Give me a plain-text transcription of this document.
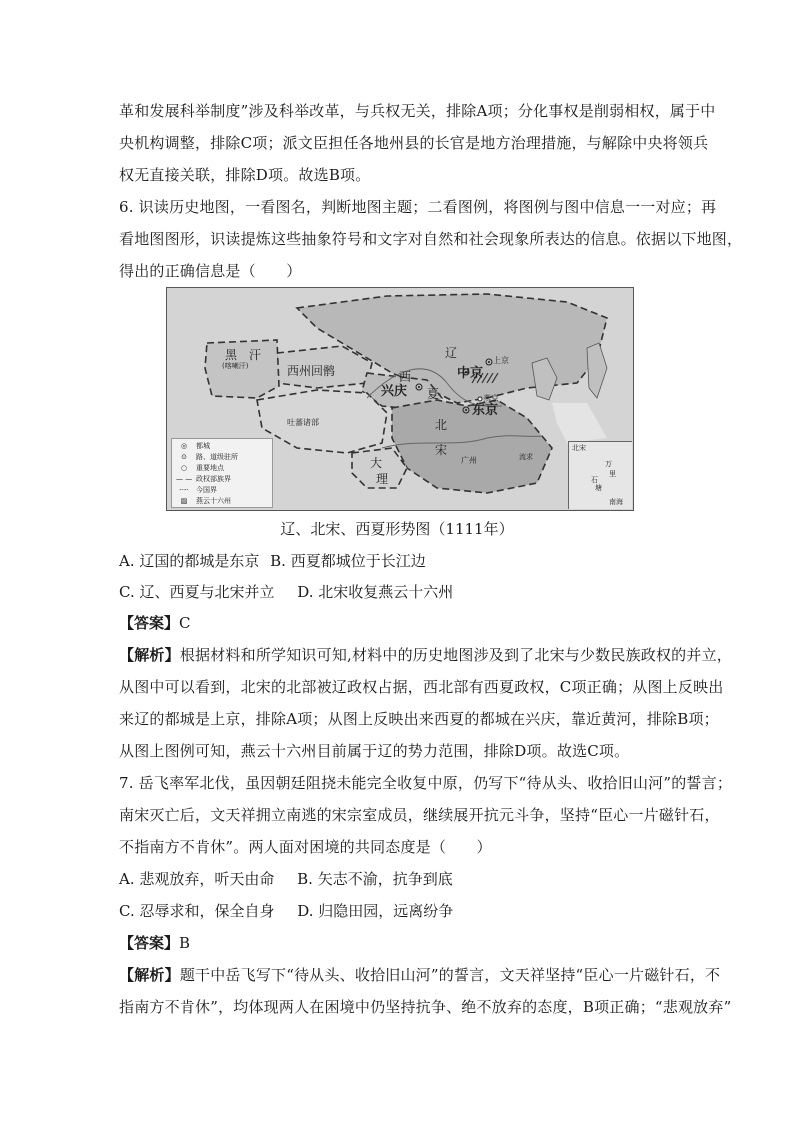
革和发展科举制度”涉及科举改革，与兵权无关，排除A项；分化事权是削弱相权，属于中
央机构调整，排除C项；派文臣担任各地州县的长官是地方治理措施，与解除中央将领兵
权无直接关联，排除D项。故选B项。
6. 识读历史地图，一看图名，判断地图主题；二看图例，将图例与图中信息一一对应；再
看地图图形，识读提炼这些抽象符号和文字对自然和社会现象所表达的信息。依据以下地图，
得出的正确信息是（　　）
黑　汗
(喀喇汗)	西州回鹘
辽
上京
中京
西
兴庆 夏	燕京
东京
吐蕃诸部	北
宋
广州	流求
大
理
◎ 都城
⊙ 路、道级驻所
○ 重要地点
— — 政权部族界
-·-· 今国界
▨ 燕云十六州
北宋
万
里
石
塘
南海
辽、北宋、西夏形势图（1111年）
A. 辽国的都城是东京 B. 西夏都城位于长江边
C. 辽、西夏与北宋并立 D. 北宋收复燕云十六州
【答案】C
【解析】根据材料和所学知识可知,材料中的历史地图涉及到了北宋与少数民族政权的并立，
从图中可以看到，北宋的北部被辽政权占据，西北部有西夏政权，C项正确；从图上反映出
来辽的都城是上京，排除A项；从图上反映出来西夏的都城在兴庆，靠近黄河，排除B项；
从图上图例可知，燕云十六州目前属于辽的势力范围，排除D项。故选C项。
7. 岳飞率军北伐，虽因朝廷阻挠未能完全收复中原，仍写下“待从头、收拾旧山河”的誓言；
南宋灭亡后，文天祥拥立南逃的宋宗室成员，继续展开抗元斗争，坚持“臣心一片磁针石，
不指南方不肯休”。两人面对困境的共同态度是（　　）
A. 悲观放弃，听天由命 B. 矢志不渝，抗争到底
C. 忍辱求和，保全自身 D. 归隐田园，远离纷争
【答案】B
【解析】题干中岳飞写下“待从头、收拾旧山河”的誓言，文天祥坚持“臣心一片磁针石，不
指南方不肯休”，均体现两人在困境中仍坚持抗争、绝不放弃的态度，B项正确；“悲观放弃”
